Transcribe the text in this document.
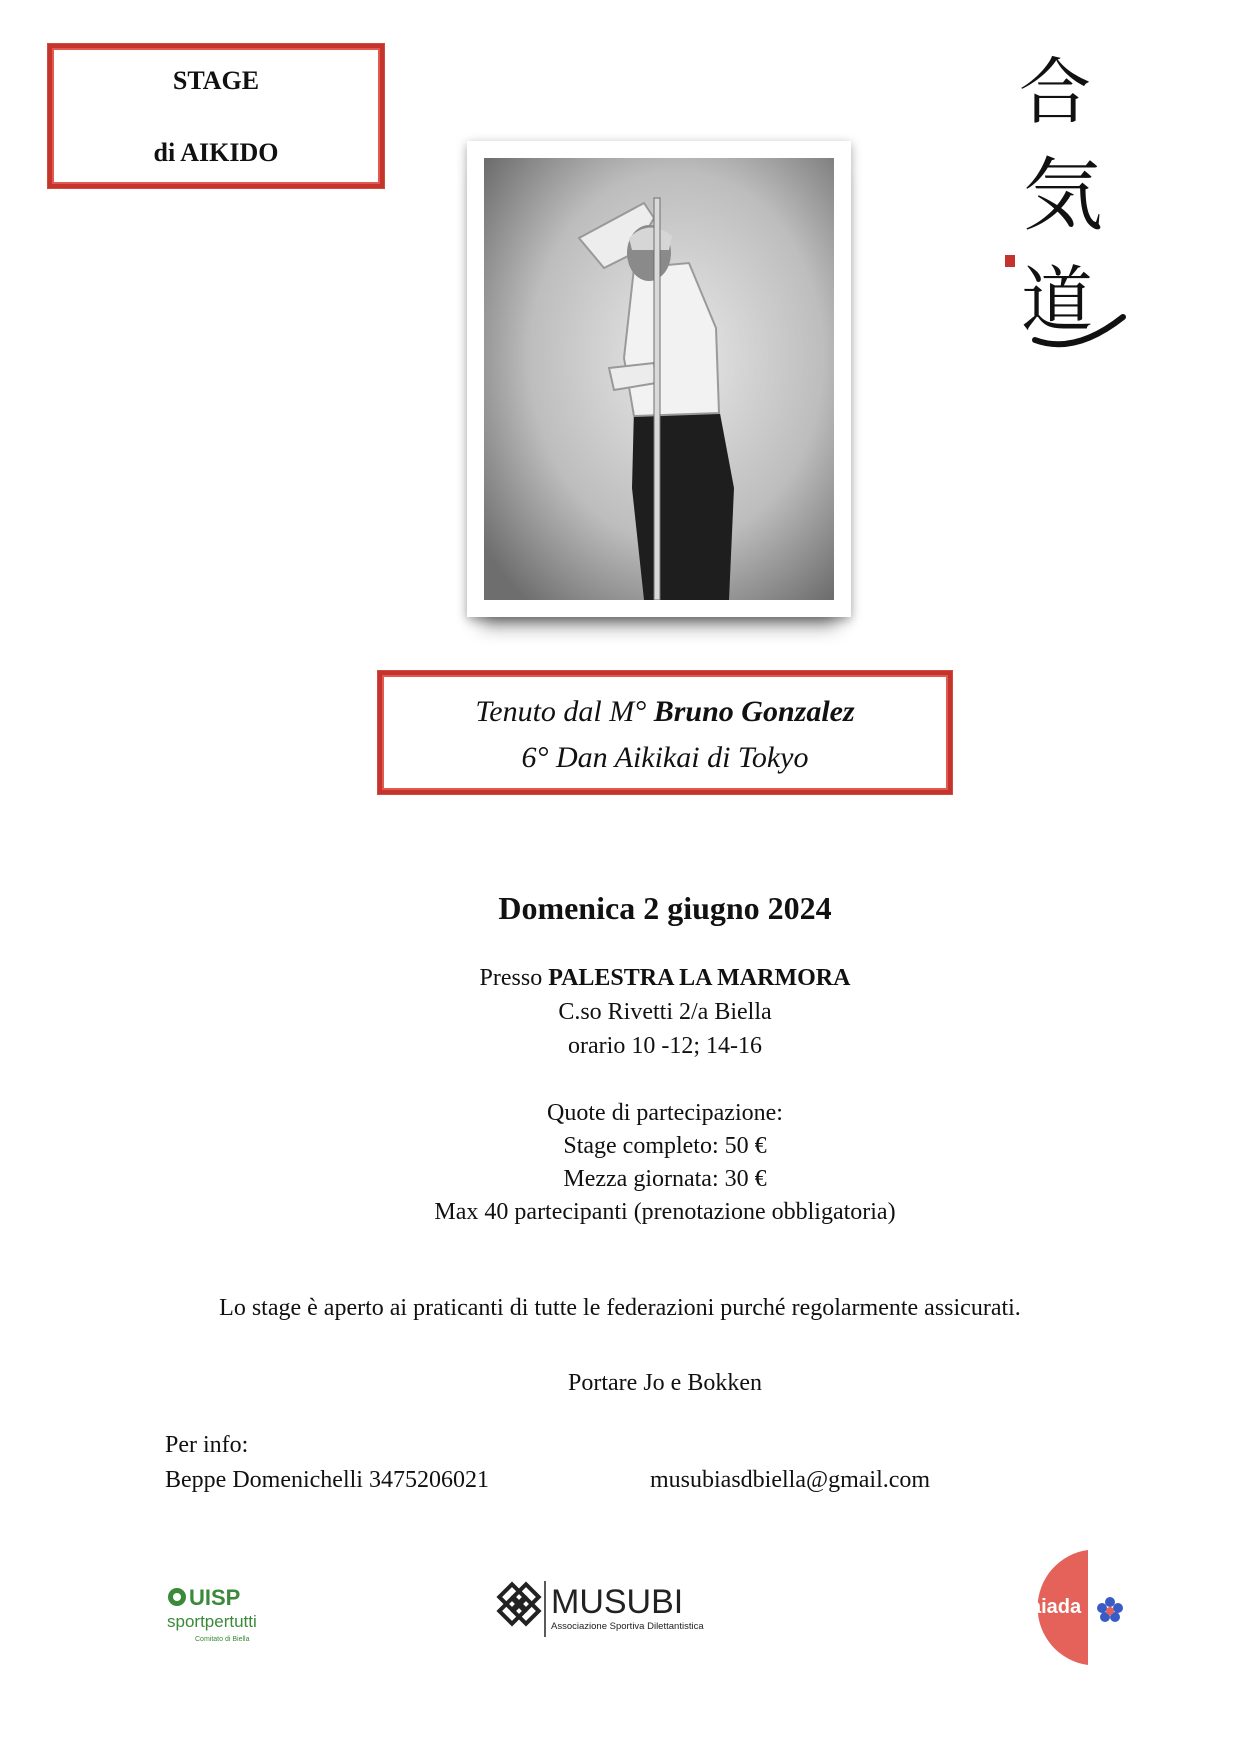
STAGE
di AIKIDO
合
気
道
Tenuto dal M° Bruno Gonzalez
6° Dan Aikikai di Tokyo
Domenica 2 giugno 2024
Presso PALESTRA LA MARMORA
C.so Rivetti 2/a Biella
orario 10 -12; 14-16
Quote di partecipazione:
Stage completo: 50 €
Mezza giornata: 30 €
Max 40 partecipanti (prenotazione obbligatoria)
Lo stage è aperto ai praticanti di tutte le federazioni purché regolarmente assicurati.
Portare Jo e Bokken
Per info:
Beppe Domenichelli 3475206021	musubiasdbiella@gmail.com
UISP
sportpertutti
Comitato di Biella
MUSUBI
Associazione Sportiva Dilettantistica
aiada
